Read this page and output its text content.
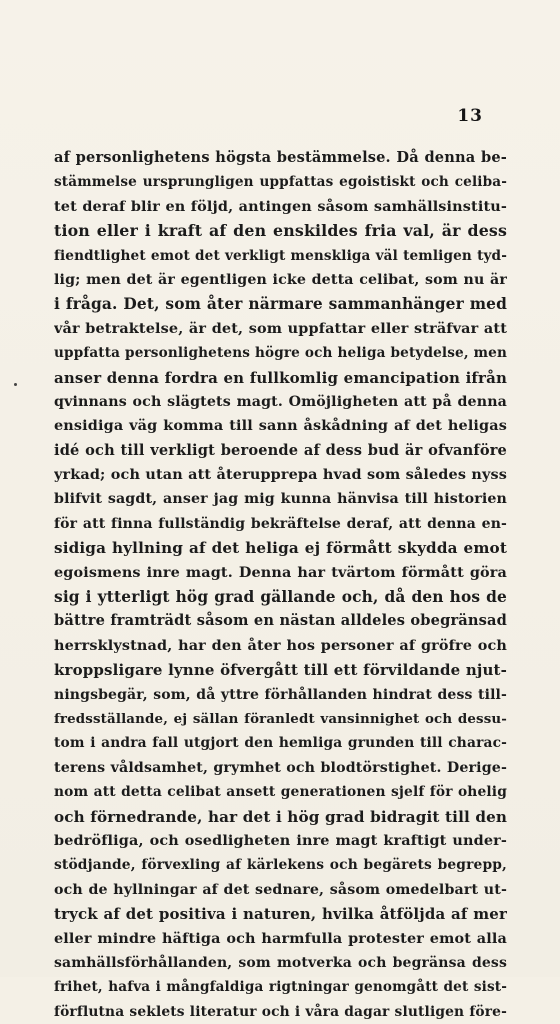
13
af personlighetens högsta bestämmelse. Då denna be-
stämmelse ursprungligen uppfattas egoistiskt och celiba-
tet deraf blir en följd, antingen såsom samhällsinstitu-
tion eller i kraft af den enskildes fria val, är dess
fiendtlighet emot det verkligt menskliga väl temligen tyd-
lig; men det är egentligen icke detta celibat, som nu är
i fråga. Det, som åter närmare sammanhänger med
vår betraktelse, är det, som uppfattar eller sträfvar att
uppfatta personlighetens högre och heliga betydelse, men
anser denna fordra en fullkomlig emancipation ifrån
qvinnans och slägtets magt. Omöjligheten att på denna
ensidiga väg komma till sann åskådning af det heligas
idé och till verkligt beroende af dess bud är ofvanföre
yrkad; och utan att återupprepa hvad som således nyss
blifvit sagdt, anser jag mig kunna hänvisa till historien
för att finna fullständig bekräftelse deraf, att denna en-
sidiga hyllning af det heliga ej förmått skydda emot
egoismens inre magt. Denna har tvärtom förmått göra
sig i ytterligt hög grad gällande och, då den hos de
bättre framträdt såsom en nästan alldeles obegränsad
herrsklystnad, har den åter hos personer af gröfre och
kroppsligare lynne öfvergått till ett förvildande njut-
ningsbegär, som, då yttre förhållanden hindrat dess till-
fredsställande, ej sällan föranledt vansinnighet och dessu-
tom i andra fall utgjort den hemliga grunden till charac-
terens våldsamhet, grymhet och blodtörstighet. Derige-
nom att detta celibat ansett generationen sjelf för ohelig
och förnedrande, har det i hög grad bidragit till den
bedröfliga, och osedligheten inre magt kraftigt under-
stödjande, förvexling af kärlekens och begärets begrepp,
och de hyllningar af det sednare, såsom omedelbart ut-
tryck af det positiva i naturen, hvilka åtföljda af mer
eller mindre häftiga och harmfulla protester emot alla
samhällsförhållanden, som motverka och begränsa dess
frihet, hafva i mångfaldiga rigtningar genomgått det sist-
förflutna seklets literatur och i våra dagar slutligen före-
